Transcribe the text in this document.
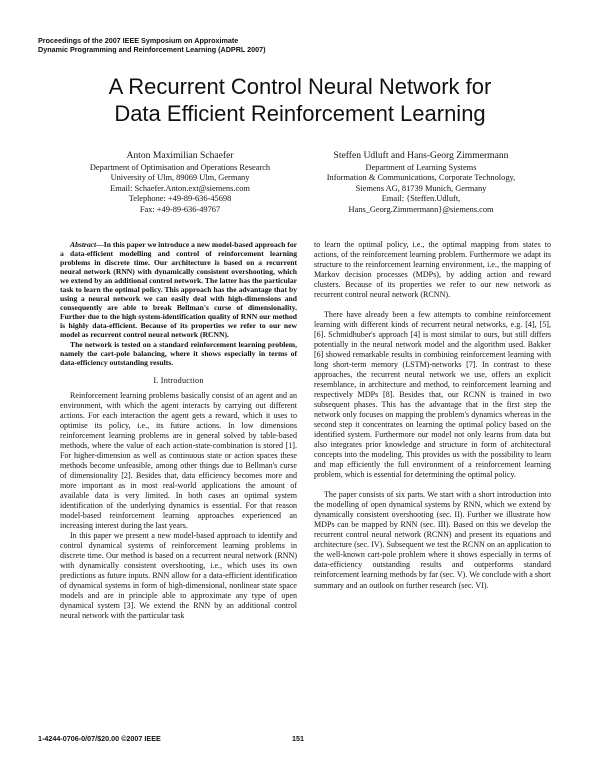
Proceedings of the 2007 IEEE Symposium on Approximate
Dynamic Programming and Reinforcement Learning (ADPRL 2007)
A Recurrent Control Neural Network for
Data Efficient Reinforcement Learning
Anton Maximilian Schaefer
Department of Optimisation and Operations Research
University of Ulm, 89069 Ulm, Germany
Email: Schaefer.Anton.ext@siemens.com
Telephone: +49-89-636-45698
Fax: +49-89-636-49767
Steffen Udluft and Hans-Georg Zimmermann
Department of Learning Systems
Information & Communications, Corporate Technology,
Siemens AG, 81739 Munich, Germany
Email: {Steffen.Udluft,
Hans_Georg.Zimmermann}@siemens.com

Abstract—In this paper we introduce a new model-based approach for a data-efficient modelling and control of reinforcement learning problems in discrete time. Our architecture is based on a recurrent neural network (RNN) with dynamically consistent overshooting, which we extend by an additional control network. The latter has the particular task to learn the optimal policy. This approach has the advantage that by using a neural network we can easily deal with high-dimensions and consequently are able to break Bellman's curse of dimensionality. Further due to the high system-identification quality of RNN our method is highly data-efficient. Because of its properties we refer to our new model as recurrent control neural network (RCNN).

The network is tested on a standard reinforcement learning problem, namely the cart-pole balancing, where it shows especially in terms of data-efficiency outstanding results.

I. Introduction

Reinforcement learning problems basically consist of an agent and an environment, with which the agent interacts by carrying out different actions. For each interaction the agent gets a reward, which it uses to optimise its policy, i.e., its future actions. In low dimensions reinforcement learning problems are in general solved by table-based methods, where the value of each action-state-combination is stored [1]. For higher-dimension as well as continuous state or action spaces these methods become unfeasible, among other things due to Bellman's curse of dimensionality [2]. Besides that, data efficiency becomes more and more important as in most real-world applications the amount of available data is very limited. In both cases an optimal system identification of the underlying dynamics is essential. For that reason model-based reinforcement learning approaches experienced an increasing interest during the last years.

In this paper we present a new model-based approach to identify and control dynamical systems of reinforcement learning problems in discrete time. Our method is based on a recurrent neural network (RNN) with dynamically consistent overshooting, i.e., which uses its own predictions as future inputs. RNN allow for a data-efficient identification of dynamical systems in form of high-dimensional, nonlinear state space models and are in principle able to approximate any type of open dynamical system [3]. We extend the RNN by an additional control neural network with the particular task

to learn the optimal policy, i.e., the optimal mapping from states to actions, of the reinforcement learning problem. Furthermore we adapt its structure to the reinforcement learning environment, i.e., the mapping of Markov decision processes (MDPs), by adding action and reward clusters. Because of its properties we refer to our new network as recurrent control neural network (RCNN).

There have already been a few attempts to combine reinforcement learning with different kinds of recurrent neural networks, e.g. [4], [5], [6]. Schmidhuber's approach [4] is most similar to ours, but still differs potentially in the neural network model and the algorithm used. Bakker [6] showed remarkable results in combining reinforcement learning with long short-term memory (LSTM)-networks [7]. In contrast to these approaches, the recurrent neural network we use, offers an explicit resemblance, in architecture and method, to reinforcement learning and respectively MDPs [8]. Besides that, our RCNN is trained in two subsequent phases. This has the advantage that in the first step the network only focuses on mapping the problem's dynamics whereas in the second step it concentrates on learning the optimal policy based on the identified system. Furthermore our model not only learns from data but also integrates prior knowledge and structure in form of architectural concepts into the modeling. This provides us with the possibility to learn and map efficiently the full environment of a reinforcement learning problem, which is essential for determining the optimal policy.

The paper consists of six parts. We start with a short introduction into the modelling of open dynamical systems by RNN, which we extend by dynamically consistent overshooting (sec. II). Further we illustrate how MDPs can be mapped by RNN (sec. III). Based on this we develop the recurrent control neural network (RCNN) and present its equations and architecture (sec. IV). Subsequent we test the RCNN on an application to the well-known cart-pole problem where it shows especially in terms of data-efficiency outstanding results and outperforms standard reinforcement learning methods by far (sec. V). We conclude with a short summary and an outlook on further research (sec. VI).

1-4244-0706-0/07/$20.00 ©2007 IEEE	151
